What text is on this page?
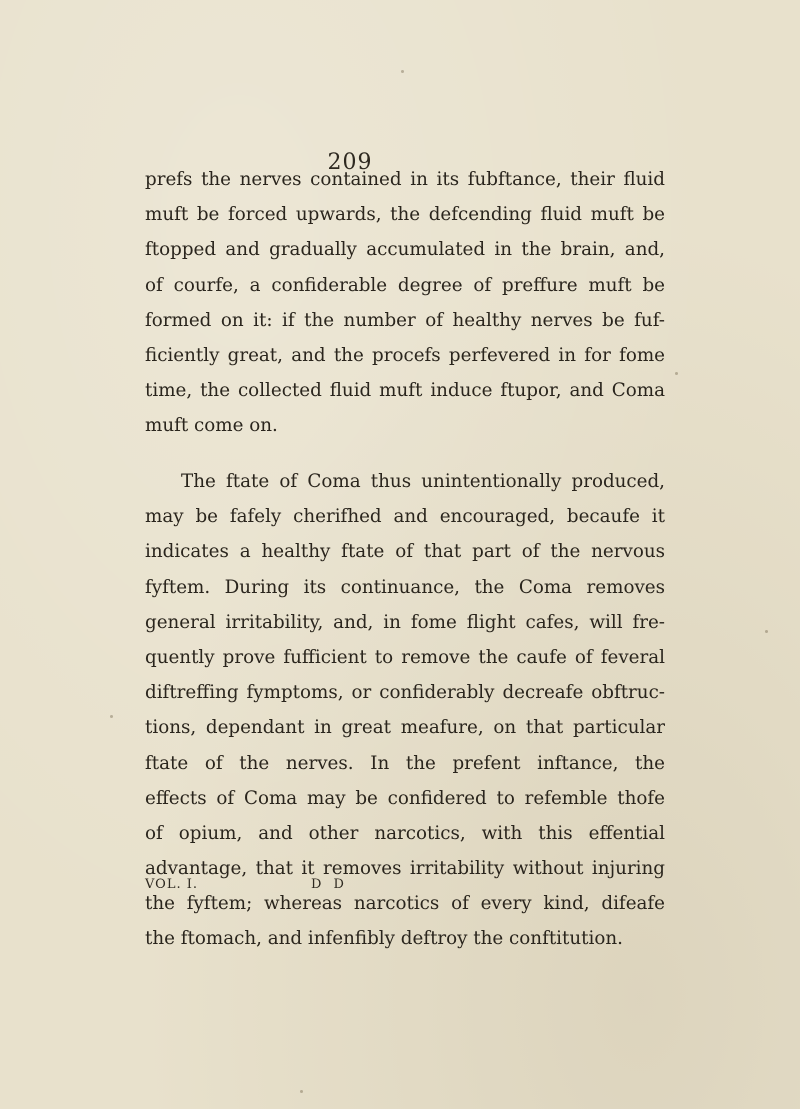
209
prefs the nerves contained in its fubftance, their fluid
muft be forced upwards, the defcending fluid muft be
ftopped and gradually accumulated in the brain, and,
of courfe, a confiderable degree of preffure muft be
formed on it: if the number of healthy nerves be fuf-
ficiently great, and the procefs perfevered in for fome
time, the collected fluid muft induce ftupor, and Coma
muft come on.
The ftate of Coma thus unintentionally produced,
may be fafely cherifhed and encouraged, becaufe it
indicates a healthy ftate of that part of the nervous
fyftem. During its continuance, the Coma removes
general irritability, and, in fome flight cafes, will fre-
quently prove fufficient to remove the caufe of feveral
diftreffing fymptoms, or confiderably decreafe obftruc-
tions, dependant in great meafure, on that particular
ftate of the nerves. In the prefent inftance, the
effects of Coma may be confidered to refemble thofe
of opium, and other narcotics, with this effential
advantage, that it removes irritability without injuring
the fyftem; whereas narcotics of every kind, difeafe
the ftomach, and infenfibly deftroy the conftitution.
VOL. I.	D D
